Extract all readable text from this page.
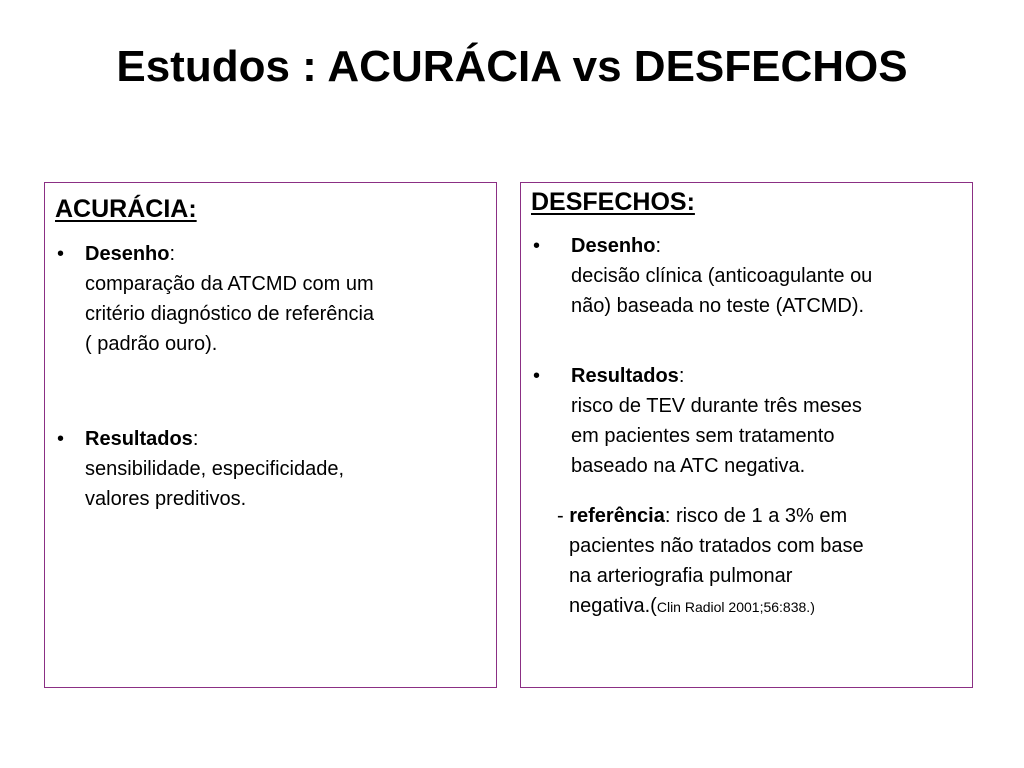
Estudos : ACURÁCIA vs DESFECHOS
ACURÁCIA:
•	Desenho:
comparação da ATCMD com um
critério diagnóstico de referência
( padrão ouro).
•	Resultados:
sensibilidade, especificidade,
valores preditivos.
DESFECHOS:
•	Desenho:
decisão clínica (anticoagulante ou
não) baseada no teste (ATCMD).
•	Resultados:
risco de TEV durante três meses
em pacientes sem tratamento
baseado na ATC negativa.
- referência: risco de 1 a 3% em
pacientes não tratados com base
na arteriografia pulmonar
negativa.(Clin Radiol 2001;56:838.)
